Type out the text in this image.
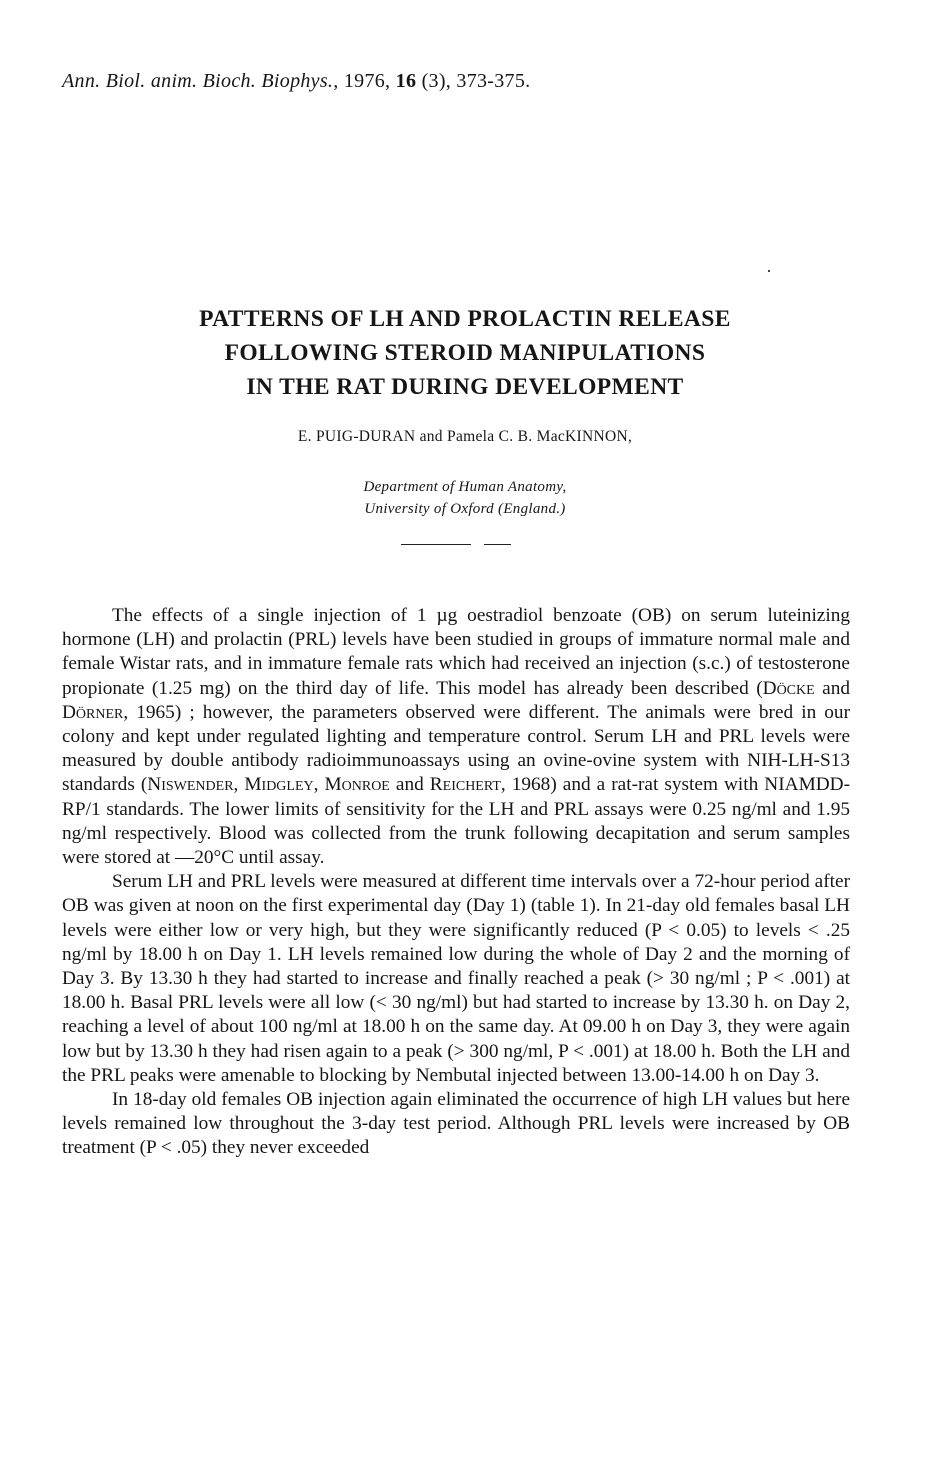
Ann. Biol. anim. Bioch. Biophys., 1976, 16 (3), 373-375.
PATTERNS OF LH AND PROLACTIN RELEASE
FOLLOWING STEROID MANIPULATIONS
IN THE RAT DURING DEVELOPMENT
E. PUIG-DURAN and Pamela C. B. MacKINNON,
Department of Human Anatomy,
University of Oxford (England.)

The effects of a single injection of 1 µg oestradiol benzoate (OB) on serum luteinizing hormone (LH) and prolactin (PRL) levels have been studied in groups of immature normal male and female Wistar rats, and in immature female rats which had received an injection (s.c.) of testosterone propionate (1.25 mg) on the third day of life. This model has already been described (Döcke and Dörner, 1965) ; however, the parameters observed were different. The animals were bred in our colony and kept under regulated lighting and temperature control. Serum LH and PRL levels were measured by double antibody radioimmunoassays using an ovine-ovine system with NIH-LH-S13 standards (Niswender, Midgley, Monroe and Reichert, 1968) and a rat-rat system with NIAMDD-RP/1 standards. The lower limits of sensitivity for the LH and PRL assays were 0.25 ng/ml and 1.95 ng/ml respectively. Blood was collected from the trunk following decapitation and serum samples were stored at —20°C until assay.

Serum LH and PRL levels were measured at different time intervals over a 72-hour period after OB was given at noon on the first experimental day (Day 1) (table 1). In 21-day old females basal LH levels were either low or very high, but they were significantly reduced (P < 0.05) to levels < .25 ng/ml by 18.00 h on Day 1. LH levels remained low during the whole of Day 2 and the morning of Day 3. By 13.30 h they had started to increase and finally reached a peak (> 30 ng/ml ; P < .001) at 18.00 h. Basal PRL levels were all low (< 30 ng/ml) but had started to increase by 13.30 h. on Day 2, reaching a level of about 100 ng/ml at 18.00 h on the same day. At 09.00 h on Day 3, they were again low but by 13.30 h they had risen again to a peak (> 300 ng/ml, P < .001) at 18.00 h. Both the LH and the PRL peaks were amenable to blocking by Nembutal injected between 13.00-14.00 h on Day 3.

In 18-day old females OB injection again eliminated the occurrence of high LH values but here levels remained low throughout the 3-day test period. Although PRL levels were increased by OB treatment (P < .05) they never exceeded
